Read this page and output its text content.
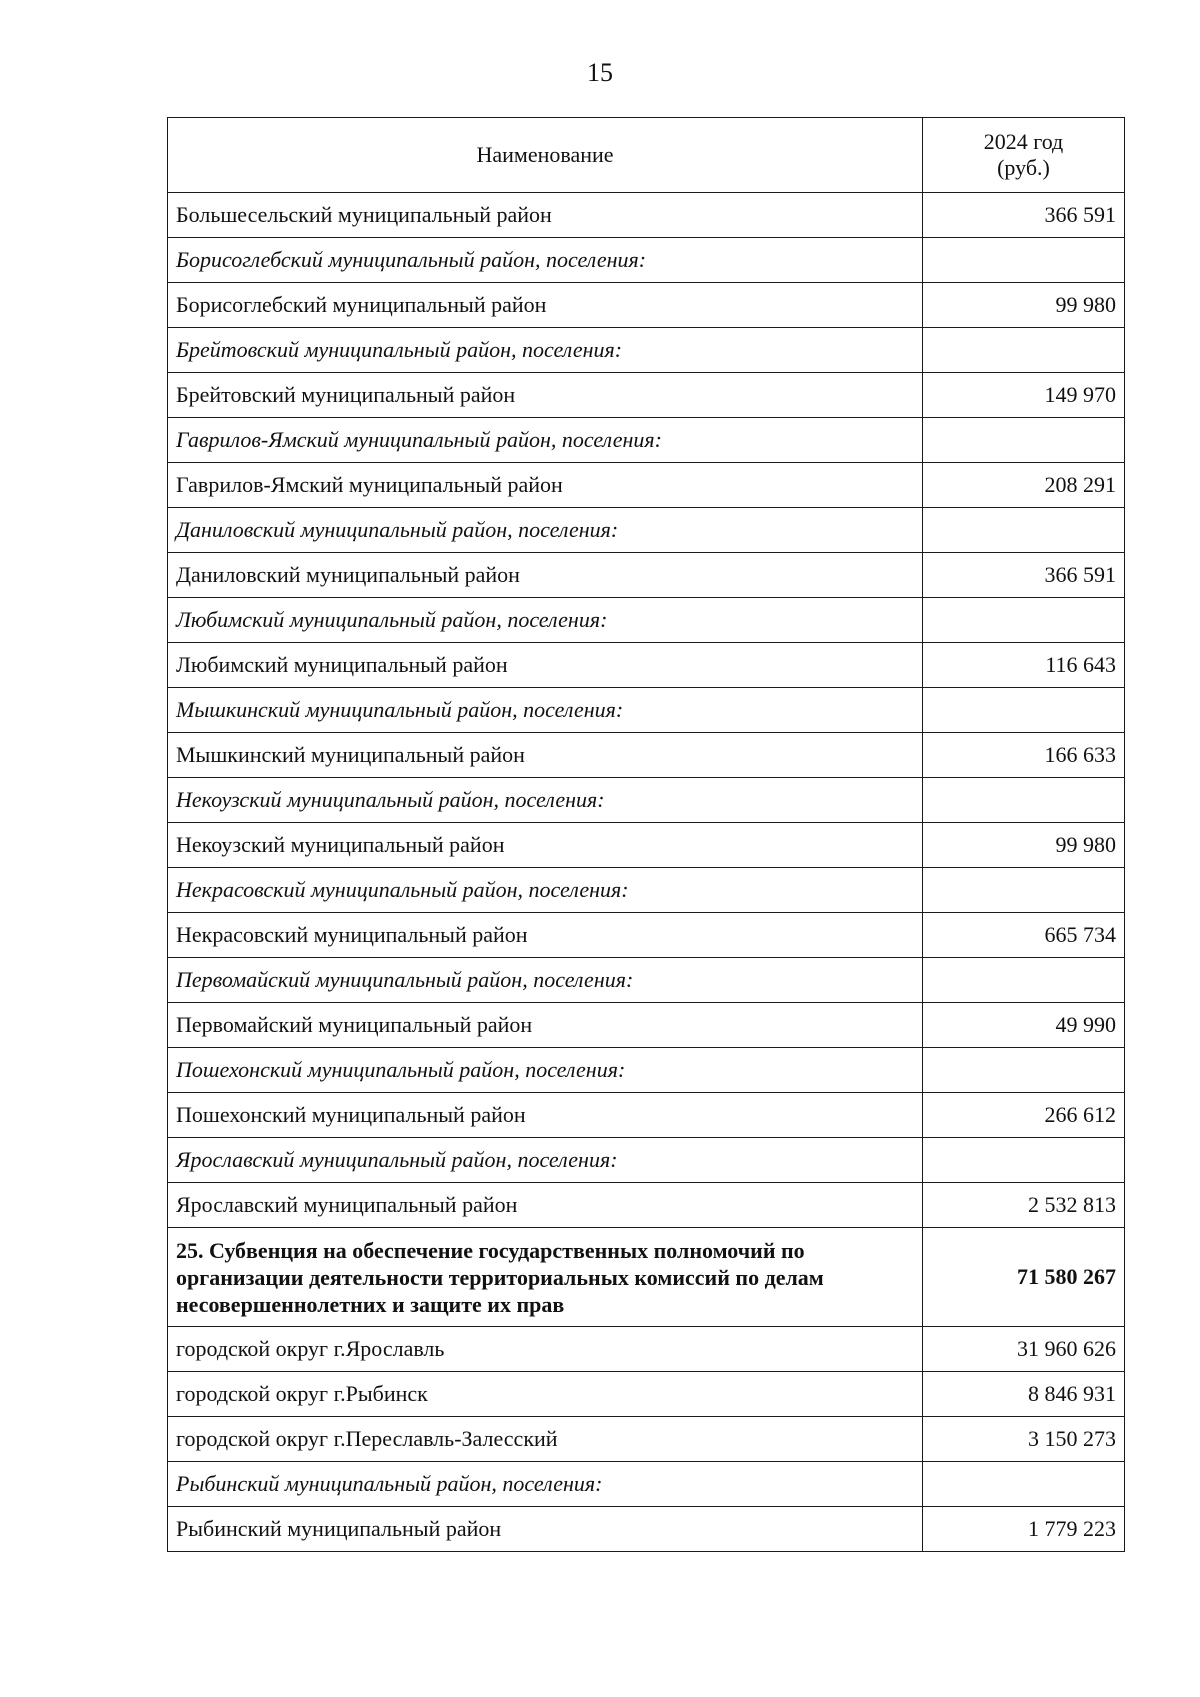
15
Наименование	2024 год
(руб.)

Большесельский муниципальный район	366 591
Борисоглебский муниципальный район, поселения:	
Борисоглебский муниципальный район	99 980
Брейтовский муниципальный район, поселения:	
Брейтовский муниципальный район	149 970
Гаврилов-Ямский муниципальный район, поселения:	
Гаврилов-Ямский муниципальный район	208 291
Даниловский муниципальный район, поселения:	
Даниловский муниципальный район	366 591
Любимский муниципальный район, поселения:	
Любимский муниципальный район	116 643
Мышкинский муниципальный район, поселения:	
Мышкинский муниципальный район	166 633
Некоузский муниципальный район, поселения:	
Некоузский муниципальный район	99 980
Некрасовский муниципальный район, поселения:	
Некрасовский муниципальный район	665 734
Первомайский муниципальный район, поселения:	
Первомайский муниципальный район	49 990
Пошехонский муниципальный район, поселения:	
Пошехонский муниципальный район	266 612
Ярославский муниципальный район, поселения:	
Ярославский муниципальный район	2 532 813
25. Субвенция на обеспечение государственных полномочий по организации деятельности территориальных комиссий по делам несовершеннолетних и защите их прав	71 580 267
городской округ г.Ярославль	31 960 626
городской округ г.Рыбинск	8 846 931
городской округ г.Переславль-Залесский	3 150 273
Рыбинский муниципальный район, поселения:	
Рыбинский муниципальный район	1 779 223
